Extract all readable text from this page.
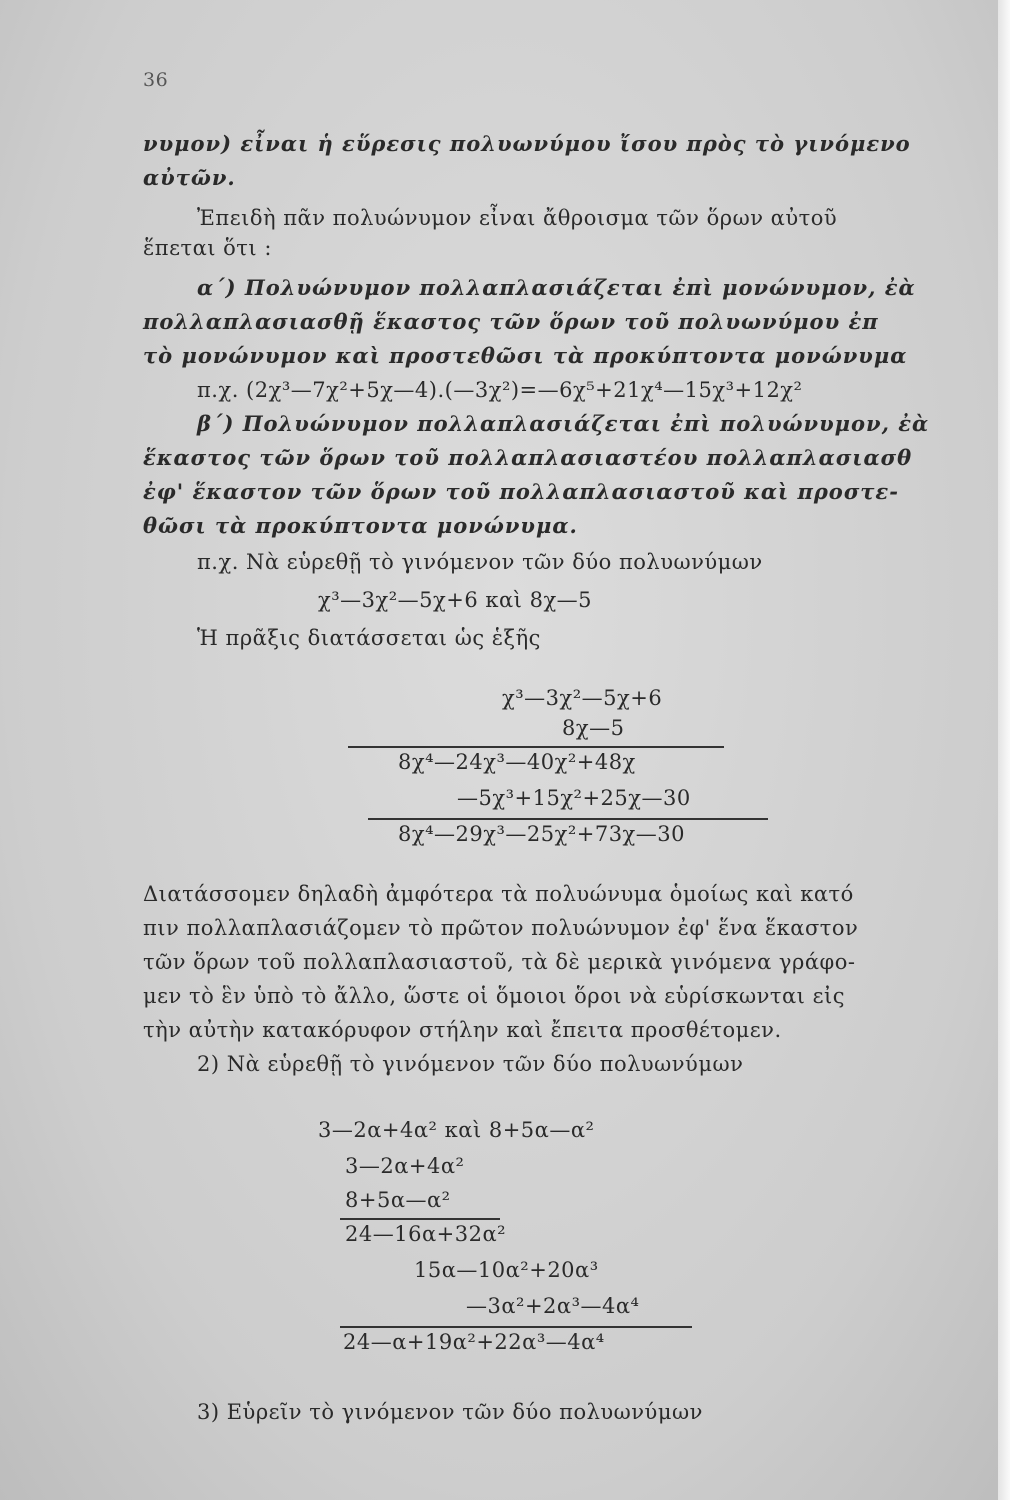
36
νυμον) εἶναι ἡ εὕρεσις πολυωνύμου ἴσου πρὸς τὸ γινόμενο
αὐτῶν.
Ἐπειδὴ πᾶν πολυώνυμον εἶναι ἄθροισμα τῶν ὅρων αὐτοῦ
ἕπεται ὅτι :
α΄) Πολυώνυμον πολλαπλασιάζεται ἐπὶ μονώνυμον, ἐὰ
πολλαπλασιασθῇ ἕκαστος τῶν ὅρων τοῦ πολυωνύμου ἐπ
τὸ μονώνυμον καὶ προστεθῶσι τὰ προκύπτοντα μονώνυμα
π.χ. (2χ³—7χ²+5χ—4).(—3χ²)=—6χ⁵+21χ⁴—15χ³+12χ²
β΄) Πολυώνυμον πολλαπλασιάζεται ἐπὶ πολυώνυμον, ἐὰ
ἕκαστος τῶν ὅρων τοῦ πολλαπλασιαστέου πολλαπλασιασθ
ἐφ' ἕκαστον τῶν ὅρων τοῦ πολλαπλασιαστοῦ καὶ προστε-
θῶσι τὰ προκύπτοντα μονώνυμα.
π.χ. Νὰ εὑρεθῇ τὸ γινόμενον τῶν δύο πολυωνύμων
χ³—3χ²—5χ+6 καὶ 8χ—5
Ἡ πρᾶξις διατάσσεται ὡς ἑξῆς
χ³—3χ²—5χ+6
8χ—5
8χ⁴—24χ³—40χ²+48χ
—5χ³+15χ²+25χ—30
8χ⁴—29χ³—25χ²+73χ—30
Διατάσσομεν δηλαδὴ ἀμφότερα τὰ πολυώνυμα ὁμοίως καὶ κατό
πιν πολλαπλασιάζομεν τὸ πρῶτον πολυώνυμον ἐφ' ἕνα ἕκαστον
τῶν ὅρων τοῦ πολλαπλασιαστοῦ, τὰ δὲ μερικὰ γινόμενα γράφο-
μεν τὸ ἓν ὑπὸ τὸ ἄλλο, ὥστε οἱ ὅμοιοι ὅροι νὰ εὑρίσκωνται εἰς
τὴν αὐτὴν κατακόρυφον στήλην καὶ ἔπειτα προσθέτομεν.
2) Νὰ εὑρεθῇ τὸ γινόμενον τῶν δύο πολυωνύμων
3—2α+4α² καὶ 8+5α—α²
3—2α+4α²
8+5α—α²
24—16α+32α²
15α—10α²+20α³
—3α²+2α³—4α⁴
24—α+19α²+22α³—4α⁴
3) Εὑρεῖν τὸ γινόμενον τῶν δύο πολυωνύμων
